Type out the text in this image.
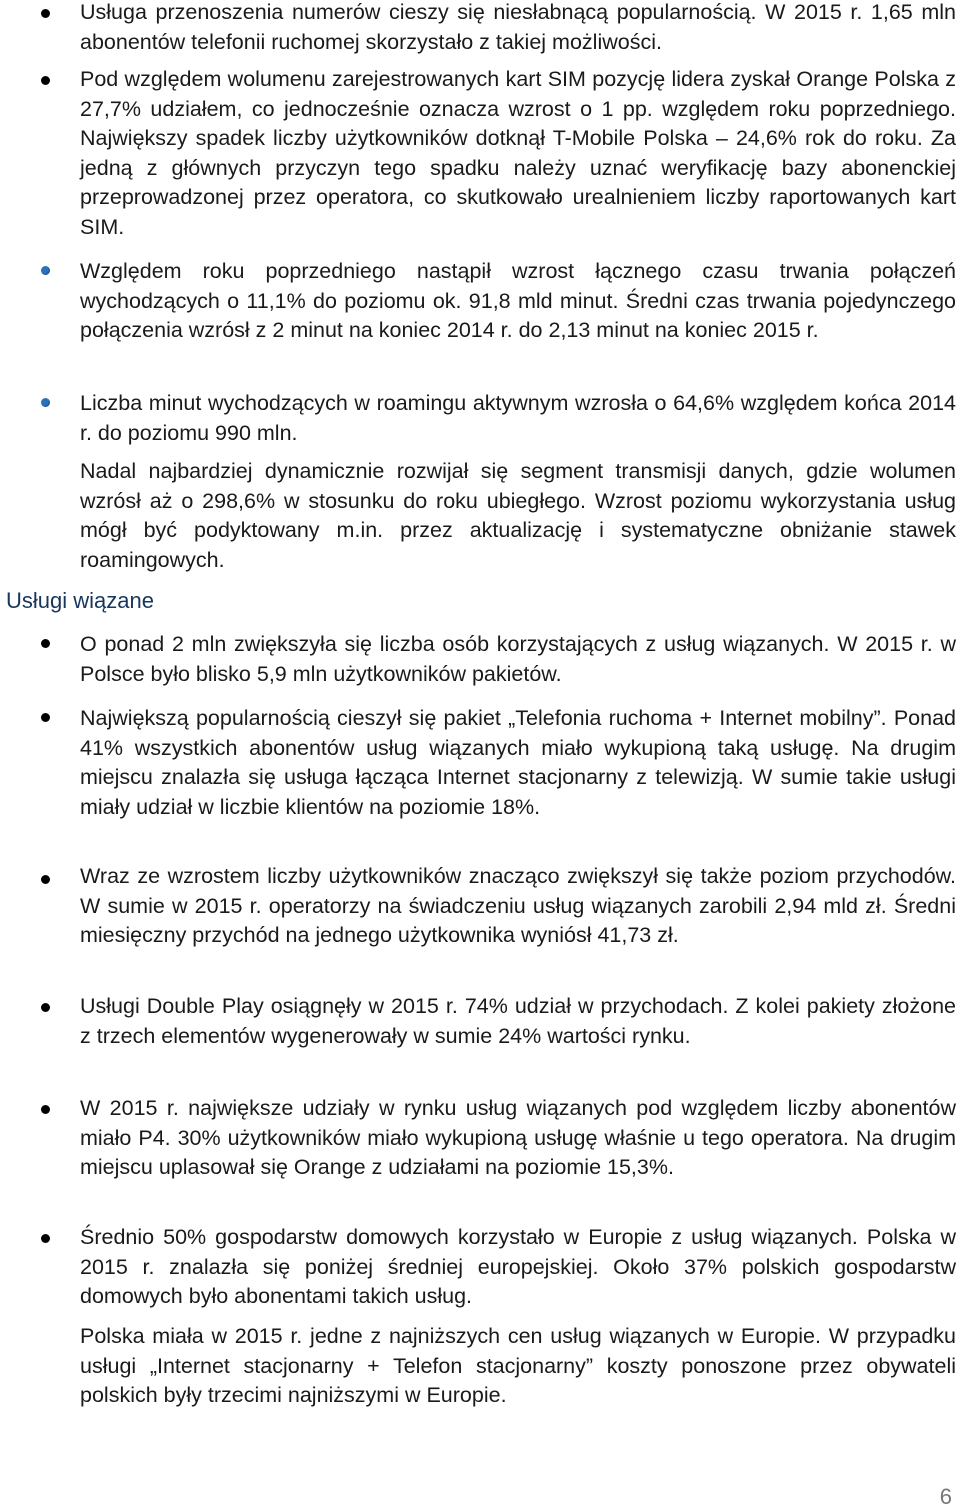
Usługa przenoszenia numerów cieszy się niesłabnącą popularnością. W 2015 r. 1,65 mln abonentów telefonii ruchomej skorzystało z takiej możliwości.

Pod względem wolumenu zarejestrowanych kart SIM pozycję lidera zyskał Orange Polska z 27,7% udziałem, co jednocześnie oznacza wzrost o 1 pp. względem roku poprzedniego. Największy spadek liczby użytkowników dotknął T-Mobile Polska – 24,6% rok do roku. Za jedną z głównych przyczyn tego spadku należy uznać weryfikację bazy abonenckiej przeprowadzonej przez operatora, co skutkowało urealnieniem liczby raportowanych kart SIM.

Względem roku poprzedniego nastąpił wzrost łącznego czasu trwania połączeń wychodzących o 11,1% do poziomu ok. 91,8 mld minut. Średni czas trwania pojedynczego połączenia wzrósł z 2 minut na koniec 2014 r. do 2,13 minut na koniec 2015 r.

Liczba minut wychodzących w roamingu aktywnym wzrosła o 64,6% względem końca 2014 r. do poziomu 990 mln.

Nadal najbardziej dynamicznie rozwijał się segment transmisji danych, gdzie wolumen wzrósł aż o 298,6% w stosunku do roku ubiegłego. Wzrost poziomu wykorzystania usług mógł być podyktowany m.in. przez aktualizację i systematyczne obniżanie stawek roamingowych.

Usługi wiązane

O ponad 2 mln zwiększyła się liczba osób korzystających z usług wiązanych. W 2015 r. w Polsce było blisko 5,9 mln użytkowników pakietów.

Największą popularnością cieszył się pakiet „Telefonia ruchoma + Internet mobilny”. Ponad 41% wszystkich abonentów usług wiązanych miało wykupioną taką usługę. Na drugim miejscu znalazła się usługa łącząca Internet stacjonarny z telewizją. W sumie takie usługi miały udział w liczbie klientów na poziomie 18%.

Wraz ze wzrostem liczby użytkowników znacząco zwiększył się także poziom przychodów. W sumie w 2015 r. operatorzy na świadczeniu usług wiązanych zarobili 2,94 mld zł. Średni miesięczny przychód na jednego użytkownika wyniósł 41,73 zł.

Usługi Double Play osiągnęły w 2015 r. 74% udział w przychodach. Z kolei pakiety złożone z trzech elementów wygenerowały w sumie 24% wartości rynku.

W 2015 r. największe udziały w rynku usług wiązanych pod względem liczby abonentów miało P4. 30% użytkowników miało wykupioną usługę właśnie u tego operatora. Na drugim miejscu uplasował się Orange z udziałami na poziomie 15,3%.

Średnio 50% gospodarstw domowych korzystało w Europie z usług wiązanych. Polska w 2015 r. znalazła się poniżej średniej europejskiej. Około 37% polskich gospodarstw domowych było abonentami takich usług.

Polska miała w 2015 r. jedne z najniższych cen usług wiązanych w Europie. W przypadku usługi „Internet stacjonarny + Telefon stacjonarny” koszty ponoszone przez obywateli polskich były trzecimi najniższymi w Europie.

6
